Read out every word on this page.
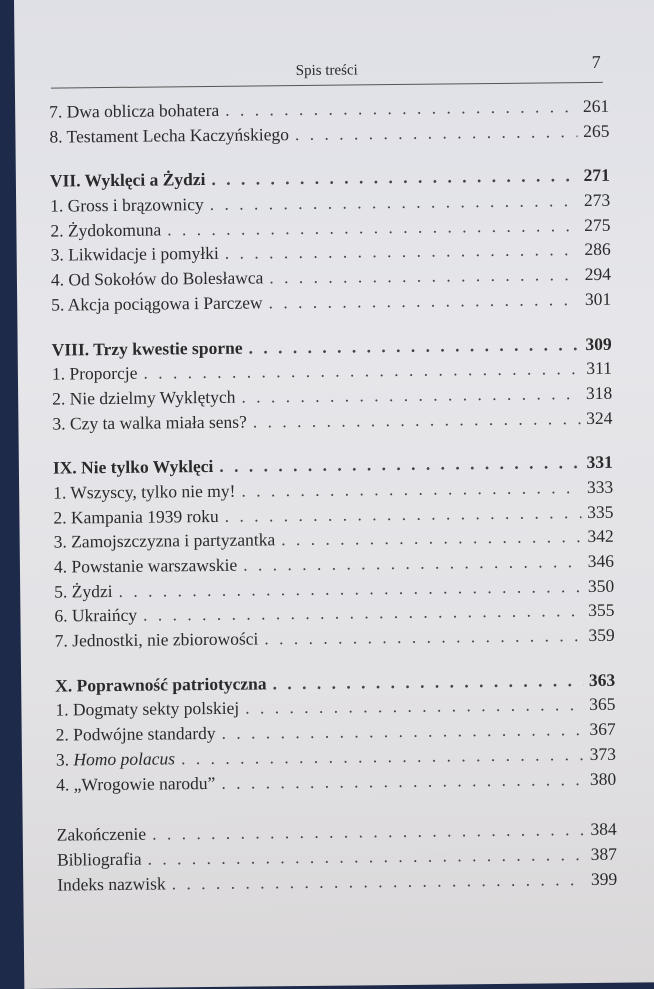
Spis treści	7
7. Dwa oblicza bohatera . . .	261
8. Testament Lecha Kaczyńskiego . . .	265
VII. Wyklęci a Żydzi . . .	271
1. Gross i brązownicy . . .	273
2. Żydokomuna . . .	275
3. Likwidacje i pomyłki . . .	286
4. Od Sokołów do Bolesławca . . .	294
5. Akcja pociągowa i Parczew . . .	301
VIII. Trzy kwestie sporne . . .	309
1. Proporcje . . .	311
2. Nie dzielmy Wyklętych . . .	318
3. Czy ta walka miała sens? . . .	324
IX. Nie tylko Wyklęci . . .	331
1. Wszyscy, tylko nie my! . . .	333
2. Kampania 1939 roku . . .	335
3. Zamojszczyzna i partyzantka . . .	342
4. Powstanie warszawskie . . .	346
5. Żydzi . . .	350
6. Ukraińcy . . .	355
7. Jednostki, nie zbiorowości . . .	359
X. Poprawność patriotyczna . . .	363
1. Dogmaty sekty polskiej . . .	365
2. Podwójne standardy . . .	367
3. Homo polacus . . .	373
4. „Wrogowie narodu” . . .	380
Zakończenie . . .	384
Bibliografia . . .	387
Indeks nazwisk . . .	399
